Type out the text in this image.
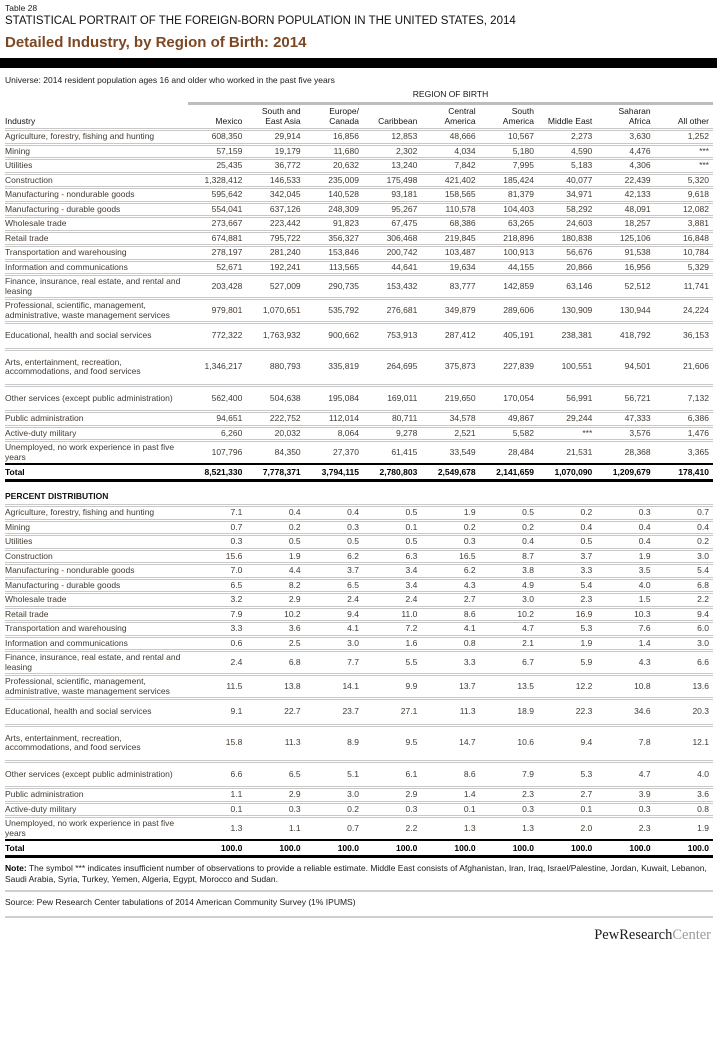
Table 28
STATISTICAL PORTRAIT OF THE FOREIGN-BORN POPULATION IN THE UNITED STATES, 2014
Detailed Industry, by Region of Birth: 2014
Universe: 2014 resident population ages 16 and older who worked in the past five years
	REGION OF BIRTH								
Industry	Mexico	South and East Asia	Europe/ Canada	Caribbean	Central America	South America	Middle East	Saharan Africa	All other
Agriculture, forestry, fishing and hunting	608,350	29,914	16,856	12,853	48,666	10,567	2,273	3,630	1,252
Mining	57,159	19,179	11,680	2,302	4,034	5,180	4,590	4,476	***
Utilities	25,435	36,772	20,632	13,240	7,842	7,995	5,183	4,306	***
Construction	1,328,412	146,533	235,009	175,498	421,402	185,424	40,077	22,439	5,320
Manufacturing - nondurable goods	595,642	342,045	140,528	93,181	158,565	81,379	34,971	42,133	9,618
Manufacturing - durable goods	554,041	637,126	248,309	95,267	110,578	104,403	58,292	48,091	12,082
Wholesale trade	273,667	223,442	91,823	67,475	68,386	63,265	24,603	18,257	3,881
Retail trade	674,881	795,722	356,327	306,468	219,845	218,896	180,838	125,106	16,848
Transportation and warehousing	278,197	281,240	153,846	200,742	103,487	100,913	56,676	91,538	10,784
Information and communications	52,671	192,241	113,565	44,641	19,634	44,155	20,866	16,956	5,329
Finance, insurance, real estate, and rental and leasing	203,428	527,009	290,735	153,432	83,777	142,859	63,146	52,512	11,741
Professional, scientific, management, administrative, waste management services	979,801	1,070,651	535,792	276,681	349,879	289,606	130,909	130,944	24,224
Educational, health and social services	772,322	1,763,932	900,662	753,913	287,412	405,191	238,381	418,792	36,153
Arts, entertainment, recreation, accommodations, and food services	1,346,217	880,793	335,819	264,695	375,873	227,839	100,551	94,501	21,606
Other services (except public administration)	562,400	504,638	195,084	169,011	219,650	170,054	56,991	56,721	7,132
Public administration	94,651	222,752	112,014	80,711	34,578	49,867	29,244	47,333	6,386
Active-duty military	6,260	20,032	8,064	9,278	2,521	5,582	***	3,576	1,476
Unemployed, no work experience in past five years	107,796	84,350	27,370	61,415	33,549	28,484	21,531	28,368	3,365
Total	8,521,330	7,778,371	3,794,115	2,780,803	2,549,678	2,141,659	1,070,090	1,209,679	178,410
PERCENT DISTRIBUTION
Agriculture, forestry, fishing and hunting	7.1	0.4	0.4	0.5	1.9	0.5	0.2	0.3	0.7
Mining	0.7	0.2	0.3	0.1	0.2	0.2	0.4	0.4	0.4
Utilities	0.3	0.5	0.5	0.5	0.3	0.4	0.5	0.4	0.2
Construction	15.6	1.9	6.2	6.3	16.5	8.7	3.7	1.9	3.0
Manufacturing - nondurable goods	7.0	4.4	3.7	3.4	6.2	3.8	3.3	3.5	5.4
Manufacturing - durable goods	6.5	8.2	6.5	3.4	4.3	4.9	5.4	4.0	6.8
Wholesale trade	3.2	2.9	2.4	2.4	2.7	3.0	2.3	1.5	2.2
Retail trade	7.9	10.2	9.4	11.0	8.6	10.2	16.9	10.3	9.4
Transportation and warehousing	3.3	3.6	4.1	7.2	4.1	4.7	5.3	7.6	6.0
Information and communications	0.6	2.5	3.0	1.6	0.8	2.1	1.9	1.4	3.0
Finance, insurance, real estate, and rental and leasing	2.4	6.8	7.7	5.5	3.3	6.7	5.9	4.3	6.6
Professional, scientific, management, administrative, waste management services	11.5	13.8	14.1	9.9	13.7	13.5	12.2	10.8	13.6
Educational, health and social services	9.1	22.7	23.7	27.1	11.3	18.9	22.3	34.6	20.3
Arts, entertainment, recreation, accommodations, and food services	15.8	11.3	8.9	9.5	14.7	10.6	9.4	7.8	12.1
Other services (except public administration)	6.6	6.5	5.1	6.1	8.6	7.9	5.3	4.7	4.0
Public administration	1.1	2.9	3.0	2.9	1.4	2.3	2.7	3.9	3.6
Active-duty military	0.1	0.3	0.2	0.3	0.1	0.3	0.1	0.3	0.8
Unemployed, no work experience in past five years	1.3	1.1	0.7	2.2	1.3	1.3	2.0	2.3	1.9
Total	100.0	100.0	100.0	100.0	100.0	100.0	100.0	100.0	100.0
Note: The symbol *** indicates insufficient number of observations to provide a reliable estimate. Middle East consists of Afghanistan, Iran, Iraq, Israel/Palestine, Jordan, Kuwait, Lebanon, Saudi Arabia, Syria, Turkey, Yemen, Algeria, Egypt, Morocco and Sudan.
Source: Pew Research Center tabulations of 2014 American Community Survey (1% IPUMS)
PewResearchCenter
